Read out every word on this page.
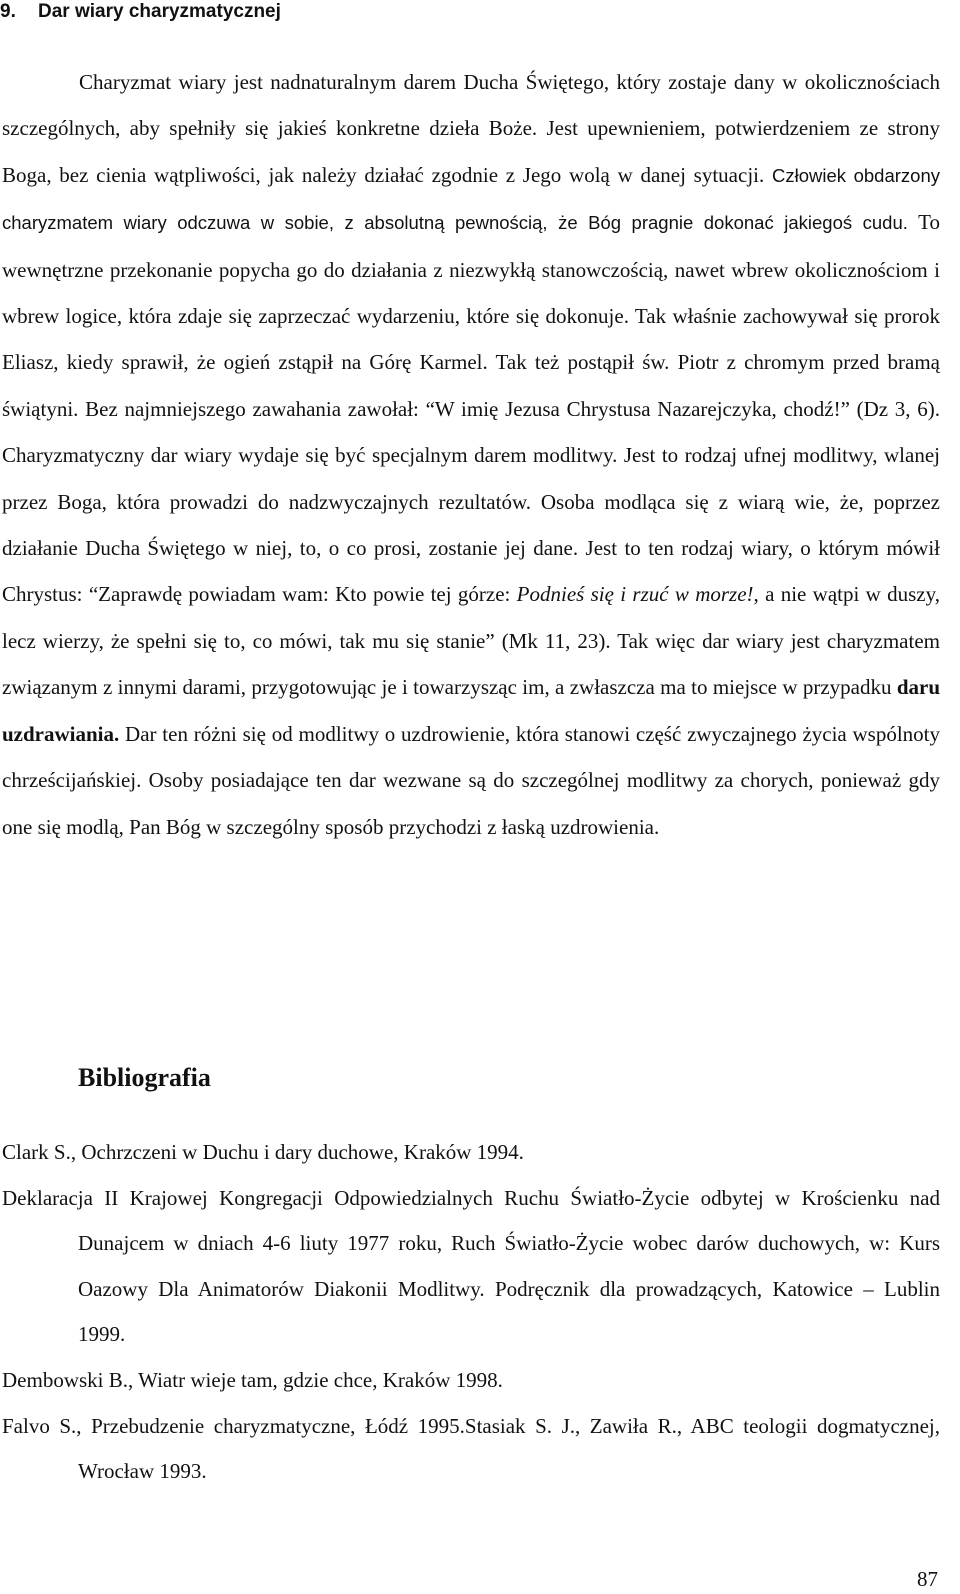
9. Dar wiary charyzmatycznej

Charyzmat wiary jest nadnaturalnym darem Ducha Świętego, który zostaje dany w okolicznościach szczególnych, aby spełniły się jakieś konkretne dzieła Boże. Jest upewnieniem, potwierdzeniem ze strony Boga, bez cienia wątpliwości, jak należy działać zgodnie z Jego wolą w danej sytuacji. Człowiek obdarzony charyzmatem wiary odczuwa w sobie, z absolutną pewnością, że Bóg pragnie dokonać jakiegoś cudu. To wewnętrzne przekonanie popycha go do działania z niezwykłą stanowczością, nawet wbrew okolicznościom i wbrew logice, która zdaje się zaprzeczać wydarzeniu, które się dokonuje. Tak właśnie zachowywał się prorok Eliasz, kiedy sprawił, że ogień zstąpił na Górę Karmel. Tak też postąpił św. Piotr z chromym przed bramą świątyni. Bez najmniejszego zawahania zawołał: “W imię Jezusa Chrystusa Nazarejczyka, chodź!” (Dz 3, 6). Charyzmatyczny dar wiary wydaje się być specjalnym darem modlitwy. Jest to rodzaj ufnej modlitwy, wlanej przez Boga, która prowadzi do nadzwyczajnych rezultatów. Osoba modląca się z wiarą wie, że, poprzez działanie Ducha Świętego w niej, to, o co prosi, zostanie jej dane. Jest to ten rodzaj wiary, o którym mówił Chrystus: “Zaprawdę powiadam wam: Kto powie tej górze: Podnieś się i rzuć w morze!, a nie wątpi w duszy, lecz wierzy, że spełni się to, co mówi, tak mu się stanie” (Mk 11, 23). Tak więc dar wiary jest charyzmatem związanym z innymi darami, przygotowując je i towarzysząc im, a zwłaszcza ma to miejsce w przypadku daru uzdrawiania. Dar ten różni się od modlitwy o uzdrowienie, która stanowi część zwyczajnego życia wspólnoty chrześcijańskiej. Osoby posiadające ten dar wezwane są do szczególnej modlitwy za chorych, ponieważ gdy one się modlą, Pan Bóg w szczególny sposób przychodzi z łaską uzdrowienia.

Bibliografia
Clark S., Ochrzczeni w Duchu i dary duchowe, Kraków 1994.
Deklaracja II Krajowej Kongregacji Odpowiedzialnych Ruchu Światło-Życie odbytej w Krościenku nad Dunajcem w dniach 4-6 liuty 1977 roku, Ruch Światło-Życie wobec darów duchowych, w: Kurs Oazowy Dla Animatorów Diakonii Modlitwy. Podręcznik dla prowadzących, Katowice – Lublin 1999.
Dembowski B., Wiatr wieje tam, gdzie chce, Kraków 1998.
Falvo S., Przebudzenie charyzmatyczne, Łódź 1995.Stasiak S. J., Zawiła R., ABC teologii dogmatycznej, Wrocław 1993.
87
